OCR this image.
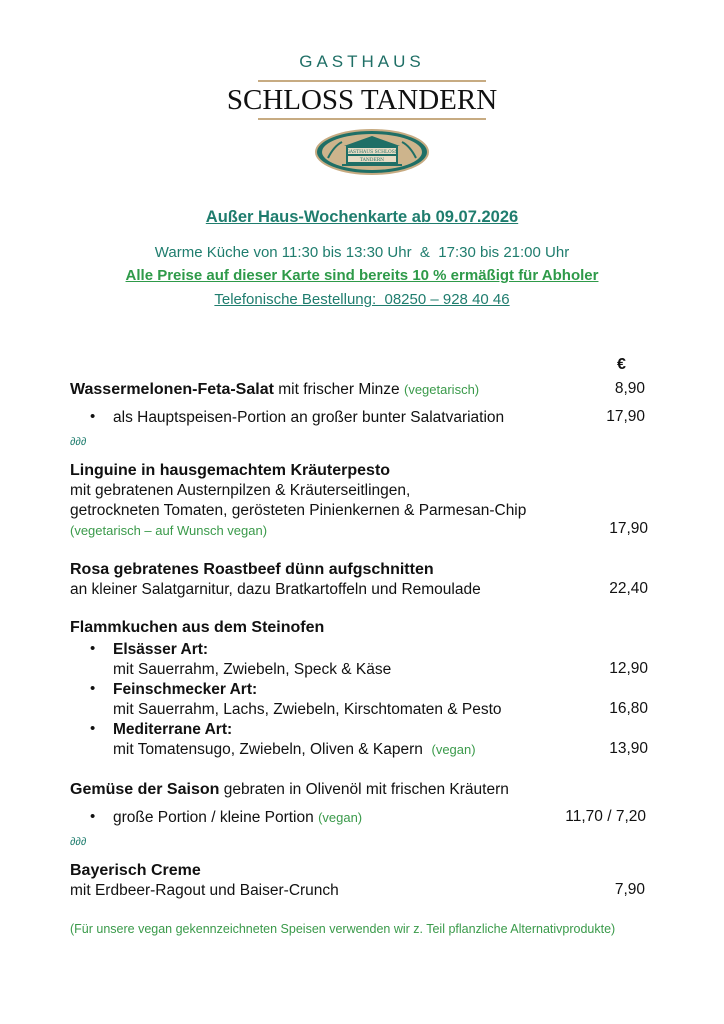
GASTHAUS
SCHLOSS TANDERN
GASTHAUS SCHLOSS
TANDERN
Außer Haus-Wochenkarte ab 09.07.2026
Warme Küche von 11:30 bis 13:30 Uhr  &  17:30 bis 21:00 Uhr
Alle Preise auf dieser Karte sind bereits 10 % ermäßigt für Abholer
Telefonische Bestellung:  08250 – 928 40 46
€
Wassermelonen-Feta-Salat mit frischer Minze (vegetarisch)	8,90
• als Hauptspeisen-Portion an großer bunter Salatvariation	17,90
∂∂∂
Linguine in hausgemachtem Kräuterpesto
mit gebratenen Austernpilzen & Kräuterseitlingen,
getrockneten Tomaten, gerösteten Pinienkernen & Parmesan-Chip
(vegetarisch – auf Wunsch vegan)	17,90
Rosa gebratenes Roastbeef dünn aufgschnitten
an kleiner Salatgarnitur, dazu Bratkartoffeln und Remoulade	22,40
Flammkuchen aus dem Steinofen
• Elsässer Art:
mit Sauerrahm, Zwiebeln, Speck & Käse	12,90
• Feinschmecker Art:
mit Sauerrahm, Lachs, Zwiebeln, Kirschtomaten & Pesto	16,80
• Mediterrane Art:
mit Tomatensugo, Zwiebeln, Oliven & Kapern (vegan)	13,90
Gemüse der Saison gebraten in Olivenöl mit frischen Kräutern
• große Portion / kleine Portion (vegan)	11,70 / 7,20
∂∂∂
Bayerisch Creme
mit Erdbeer-Ragout und Baiser-Crunch	7,90
(Für unsere vegan gekennzeichneten Speisen verwenden wir z. Teil pflanzliche Alternativprodukte)
